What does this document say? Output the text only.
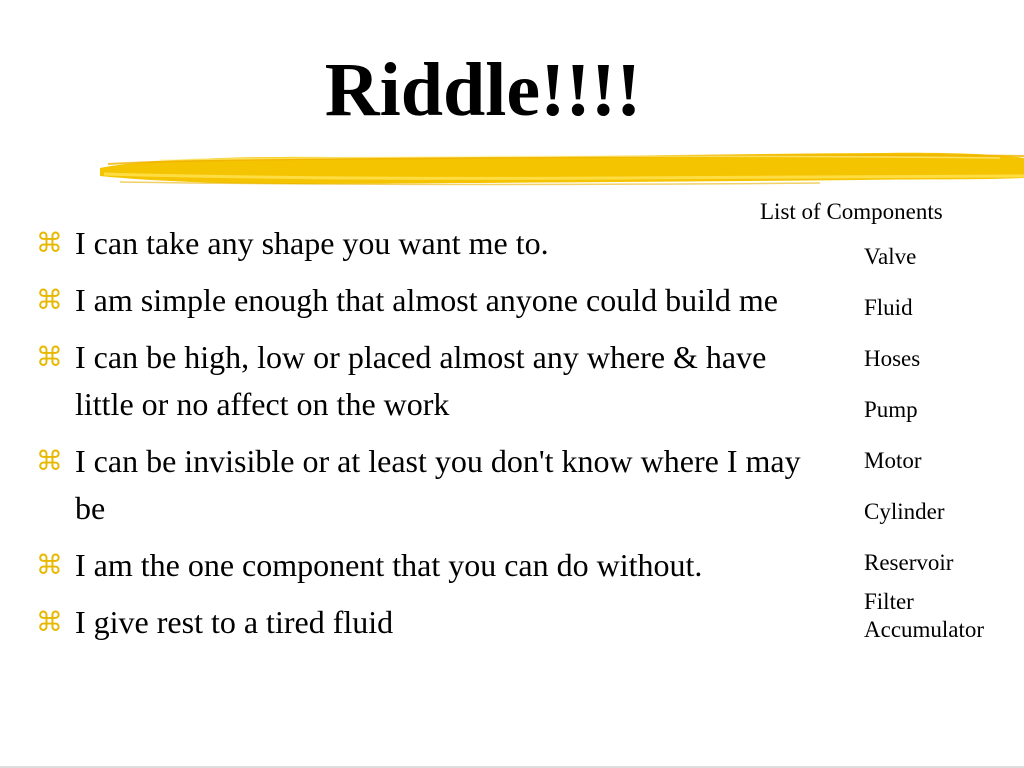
Riddle!!!!
⌘ I can take any shape you want me to.
⌘ I am simple enough that almost anyone could build me
⌘ I can be high, low or placed almost any where & have little or no affect on the work
⌘ I can be invisible or at least you don't know where I may be
⌘ I am the one component that you can do without.
⌘ I give rest to a tired fluid

List of Components

Valve
Fluid
Hoses
Pump
Motor
Cylinder
Reservoir
Filter
Accumulator
